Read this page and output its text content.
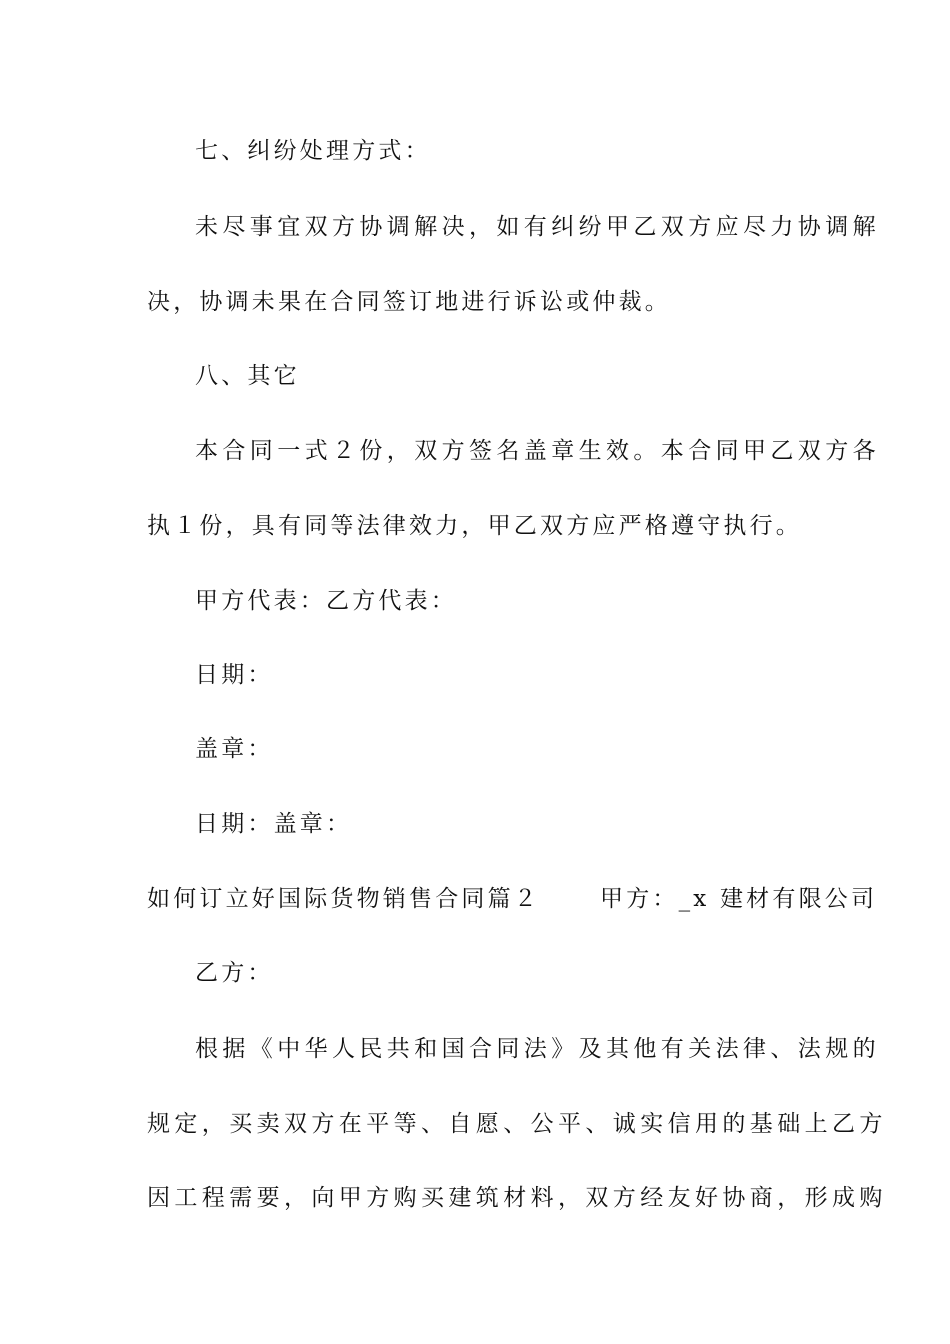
七、纠纷处理方式：
未尽事宜双方协调解决，如有纠纷甲乙双方应尽力协调解
决，协调未果在合同签订地进行诉讼或仲裁。
八、其它
本合同一式２份，双方签名盖章生效。本合同甲乙双方各
执１份，具有同等法律效力，甲乙双方应严格遵守执行。
甲方代表：乙方代表：
日期：
盖章：
日期：盖章：
如何订立好国际货物销售合同篇２	甲方：_x 建材有限公司
乙方：
根据《中华人民共和国合同法》及其他有关法律、法规的
规定，买卖双方在平等、自愿、公平、诚实信用的基础上乙方
因工程需要，向甲方购买建筑材料，双方经友好协商，形成购
